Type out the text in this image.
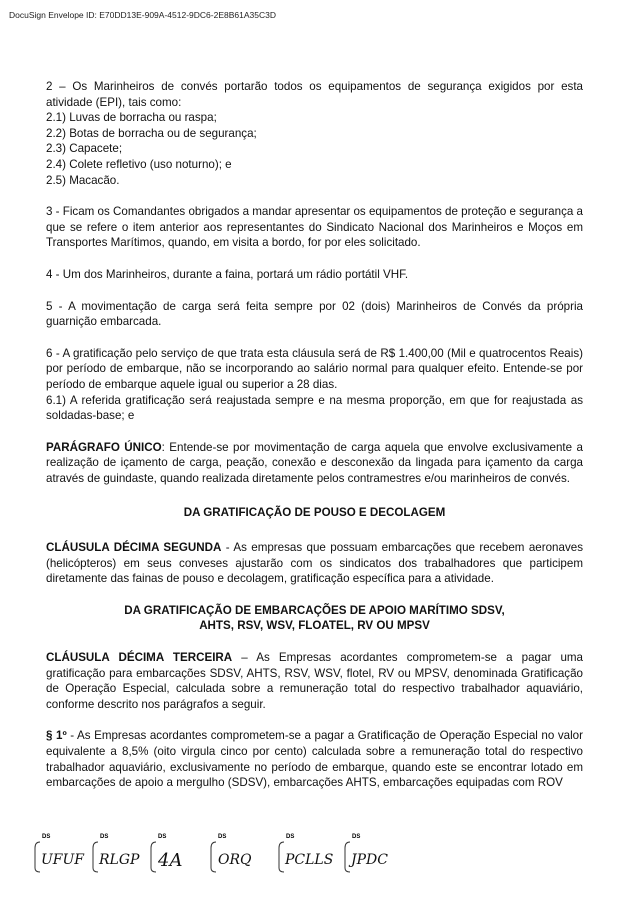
DocuSign Envelope ID: E70DD13E-909A-4512-9DC6-2E8B61A35C3D

2 – Os Marinheiros de convés portarão todos os equipamentos de segurança exigidos por esta atividade (EPI), tais como:
2.1) Luvas de borracha ou raspa;
2.2) Botas de borracha ou de segurança;
2.3) Capacete;
2.4) Colete refletivo (uso noturno); e
2.5) Macacão.

3 - Ficam os Comandantes obrigados a mandar apresentar os equipamentos de proteção e segurança a que se refere o item anterior aos representantes do Sindicato Nacional dos Marinheiros e Moços em Transportes Marítimos, quando, em visita a bordo, for por eles solicitado.

4 - Um dos Marinheiros, durante a faina, portará um rádio portátil VHF.

5 - A movimentação de carga será feita sempre por 02 (dois) Marinheiros de Convés da própria guarnição embarcada.

6 - A gratificação pelo serviço de que trata esta cláusula será de R$ 1.400,00 (Mil e quatrocentos Reais) por período de embarque, não se incorporando ao salário normal para qualquer efeito. Entende-se por período de embarque aquele igual ou superior a 28 dias.

6.1) A referida gratificação será reajustada sempre e na mesma proporção, em que for reajustada as soldadas-base; e

PARÁGRAFO ÚNICO: Entende-se por movimentação de carga aquela que envolve exclusivamente a realização de içamento de carga, peação, conexão e desconexão da lingada para içamento da carga através de guindaste, quando realizada diretamente pelos contramestres e/ou marinheiros de convés.

DA GRATIFICAÇÃO DE POUSO E DECOLAGEM

CLÁUSULA DÉCIMA SEGUNDA - As empresas que possuam embarcações que recebem aeronaves (helicópteros) em seus conveses ajustarão com os sindicatos dos trabalhadores que participem diretamente das fainas de pouso e decolagem, gratificação específica para a atividade.

DA GRATIFICAÇÃO DE EMBARCAÇÕES DE APOIO MARÍTIMO SDSV,
AHTS, RSV, WSV, FLOATEL, RV OU MPSV

CLÁUSULA DÉCIMA TERCEIRA – As Empresas acordantes comprometem-se a pagar uma gratificação para embarcações SDSV, AHTS, RSV, WSV, flotel, RV ou MPSV, denominada Gratificação de Operação Especial, calculada sobre a remuneração total do respectivo trabalhador aquaviário, conforme descrito nos parágrafos a seguir.

§ 1º - As Empresas acordantes comprometem-se a pagar a Gratificação de Operação Especial no valor equivalente a 8,5% (oito virgula cinco por cento) calculada sobre a remuneração total do respectivo trabalhador aquaviário, exclusivamente no período de embarque, quando este se encontrar lotado em embarcações de apoio a mergulho (SDSV), embarcações AHTS, embarcações equipadas com ROV

DS
UFUF
DS
RLGP
DS
4A
DS
ORQ
DS
PCLLS
DS
JPDC
